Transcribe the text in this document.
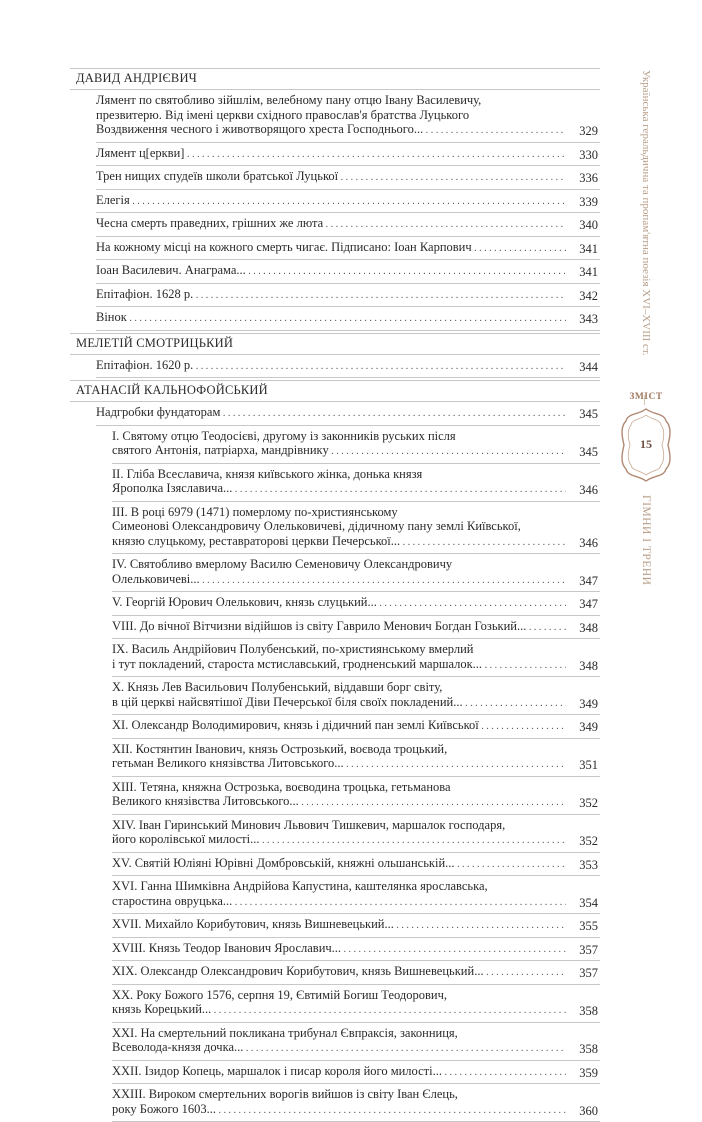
Українська геральдична та пропам'ятна поезія XVI–XVIII ст.
ЗМІСТ
15
ГІМНИ І ТРЕНИ
ДАВИД АНДРІЄВИЧ
Лямент по святобливо зійшлім, велебному пану отцю Івану Василевичу,
презвитерю. Від імені церкви східного православ'я братства Луцького
Воздвиження чесного і животворящого хреста Господнього... . . .	329
Лямент ц[еркви] . . .	330
Трен нищих спудеїв школи братської Луцької . . .	336
Елегія . . .	339
Чесна смерть праведних, грішних же люта . . .	340
На кожному місці на кожного смерть чигає. Підписано: Іоан Карпович . . .	341
Іоан Василевич. Анаграма... . . .	341
Епітафіон. 1628 р. . . .	342
Вінок . . .	343
МЕЛЕТІЙ СМОТРИЦЬКИЙ
Епітафіон. 1620 р. . . .	344
АТАНАСІЙ КАЛЬНОФОЙСЬКИЙ
Надгробки фундаторам . . .	345
I. Святому отцю Теодосієві, другому із законників руських після
святого Антонія, патріарха, мандрівнику . . .	345
II. Гліба Всеславича, князя київського жінка, донька князя
Ярополка Ізяславича... . . .	346
III. В році 6979 (1471) померлому по-християнському
Симеонові Олександровичу Олельковичеві, дідичному пану землі Київської,
князю слуцькому, реставраторові церкви Печерської... . . .	346
IV. Святобливо вмерлому Василю Семеновичу Олександровичу
Олельковичеві... . . .	347
V. Георгій Юрович Олелькович, князь слуцький... . . .	347
VIII. До вічної Вітчизни відійшов із світу Гаврило Менович Богдан Гозький... . . .	348
IX. Василь Андрійович Полубенський, по-християнському вмерлий
і тут покладений, староста мстиславський, гродненський маршалок... . . .	348
X. Князь Лев Васильович Полубенський, віддавши борг світу,
в цій церкві найсвятішої Діви Печерської біля своїх покладений... . . .	349
XI. Олександр Володимирович, князь і дідичний пан землі Київської . . .	349
XII. Костянтин Іванович, князь Острозький, воєвода троцький,
гетьман Великого князівства Литовського... . . .	351
XIII. Тетяна, княжна Острозька, воєводина троцька, гетьманова
Великого князівства Литовського... . . .	352
XIV. Іван Гиринський Минович Львович Тишкевич, маршалок господаря,
його королівської милості... . . .	352
XV. Святій Юліяні Юрівні Домбровській, княжні ольшанській... . . .	353
XVI. Ганна Шимківна Андрійова Капустина, каштелянка ярославська,
старостина овруцька... . . .	354
XVII. Михайло Корибутович, князь Вишневецький... . . .	355
XVIII. Князь Теодор Іванович Ярославич... . . .	357
XIX. Олександр Олександрович Корибутович, князь Вишневецький... . . .	357
XX. Року Божого 1576, серпня 19, Євтимій Богиш Теодорович,
князь Корецький... . . .	358
XXI. На смертельний покликана трибунал Євпраксія, законниця,
Всеволода-князя дочка... . . .	358
XXII. Ізидор Копець, маршалок і писар короля його милості... . . .	359
XXIII. Вироком смертельних ворогів вийшов із світу Іван Єлець,
року Божого 1603... . . .	360
